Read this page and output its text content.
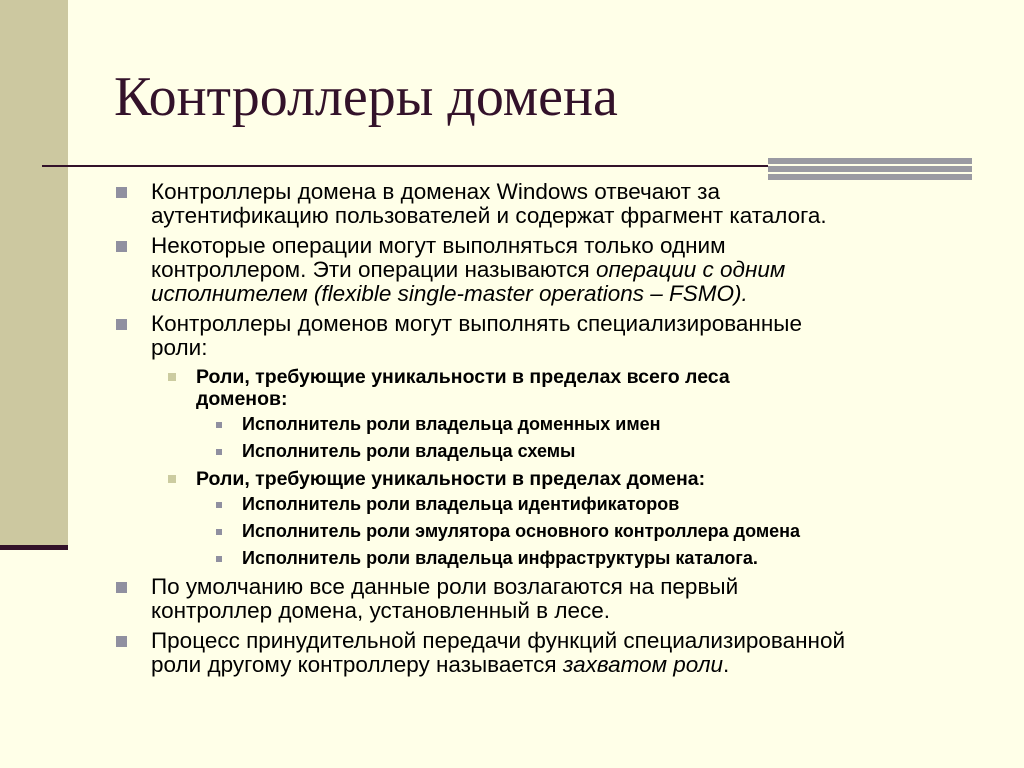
Контроллеры домена
Контроллеры домена в доменах Windows отвечают за
аутентификацию пользователей и содержат фрагмент каталога.
Некоторые операции могут выполняться только одним
контроллером. Эти операции называются операции с одним
исполнителем (flexible single-master operations – FSMO).
Контроллеры доменов могут выполнять специализированные
роли:
Роли, требующие уникальности в пределах всего леса
доменов:
Исполнитель роли владельца доменных имен
Исполнитель роли владельца схемы
Роли, требующие уникальности в пределах домена:
Исполнитель роли владельца идентификаторов
Исполнитель роли эмулятора основного контроллера домена
Исполнитель роли владельца инфраструктуры каталога.
По умолчанию все данные роли возлагаются на первый
контроллер домена, установленный в лесе.
Процесс принудительной передачи функций специализированной
роли другому контроллеру называется захватом роли.
